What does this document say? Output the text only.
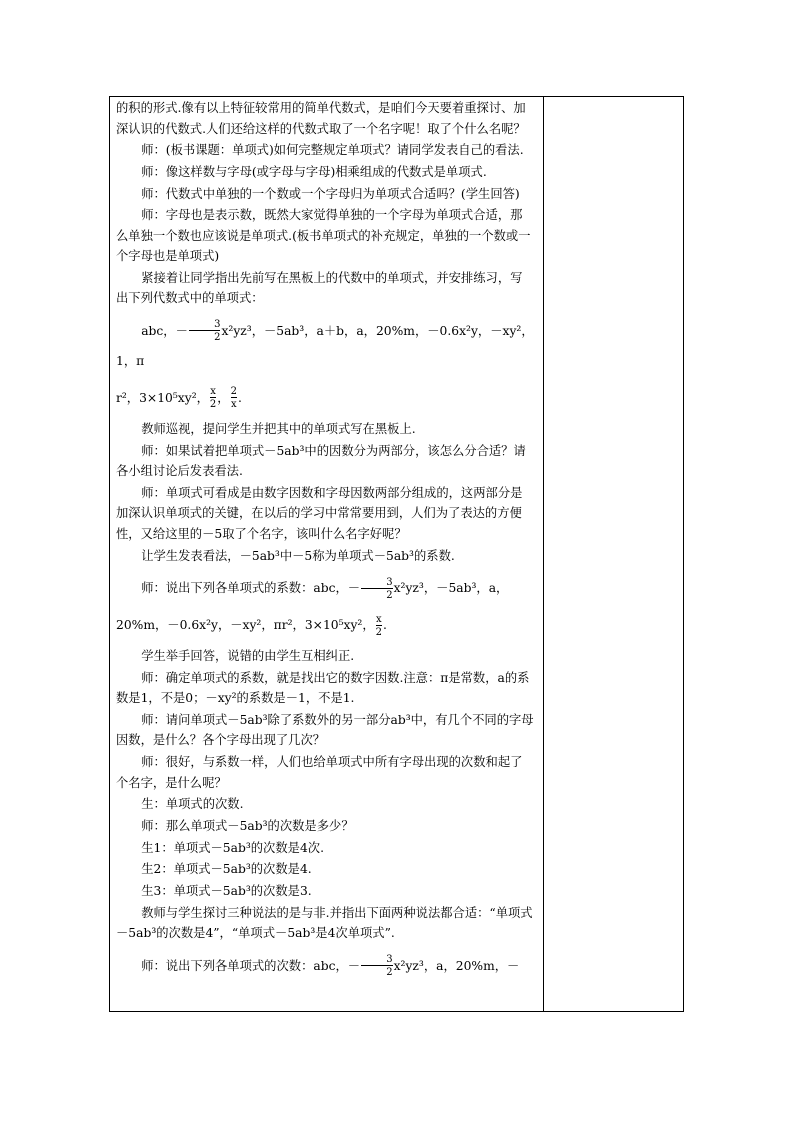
的积的形式.像有以上特征较常用的简单代数式，是咱们今天要着重探讨、加深认识的代数式.人们还给这样的代数式取了一个名字呢！取了个什么名呢？

师：(板书课题：单项式)如何完整规定单项式？请同学发表自己的看法.

师：像这样数与字母(或字母与字母)相乘组成的代数式是单项式.

师：代数式中单独的一个数或一个字母归为单项式合适吗？(学生回答)

师：字母也是表示数，既然大家觉得单独的一个字母为单项式合适，那么单独一个数也应该说是单项式.(板书单项式的补充规定，单独的一个数或一个字母也是单项式)

紧接着让同学指出先前写在黑板上的代数中的单项式，并安排练习，写出下列代数式中的单项式：

abc，－ $\frac{3}{2} x^2yz^3$，－5ab³，a＋b，a，20%m，－0.6x²y，－xy²，1，π

r²，3×10⁵xy²， $\frac{x}{2}$ ， $\frac{2}{x}$ .

教师巡视，提问学生并把其中的单项式写在黑板上.

师：如果试着把单项式－5ab³中的因数分为两部分，该怎么分合适？请各小组讨论后发表看法.

师：单项式可看成是由数字因数和字母因数两部分组成的，这两部分是加深认识单项式的关键，在以后的学习中常常要用到，人们为了表达的方便性，又给这里的－5取了个名字，该叫什么名字好呢？

让学生发表看法，－5ab³中－5称为单项式－5ab³的系数.

师：说出下列各单项式的系数：abc，－ $\frac{3}{2} x^2yz^3$，－5ab³，a，

20%m，－0.6x²y，－xy²，πr²，3×10⁵xy²， $\frac{x}{2}$ .

学生举手回答，说错的由学生互相纠正.

师：确定单项式的系数，就是找出它的数字因数.注意：π是常数，a的系数是1，不是0；－xy²的系数是－1，不是1.

师：请问单项式－5ab³除了系数外的另一部分ab³中，有几个不同的字母因数，是什么？各个字母出现了几次？

师：很好，与系数一样，人们也给单项式中所有字母出现的次数和起了个名字，是什么呢？

生：单项式的次数.

师：那么单项式－5ab³的次数是多少？

生1：单项式－5ab³的次数是4次.

生2：单项式－5ab³的次数是4.

生3：单项式－5ab³的次数是3.

教师与学生探讨三种说法的是与非.并指出下面两种说法都合适：“单项式－5ab³的次数是4”，“单项式－5ab³是4次单项式”.

师：说出下列各单项式的次数：abc，－ $\frac{3}{2} x^2yz^3$，a，20%m，－
